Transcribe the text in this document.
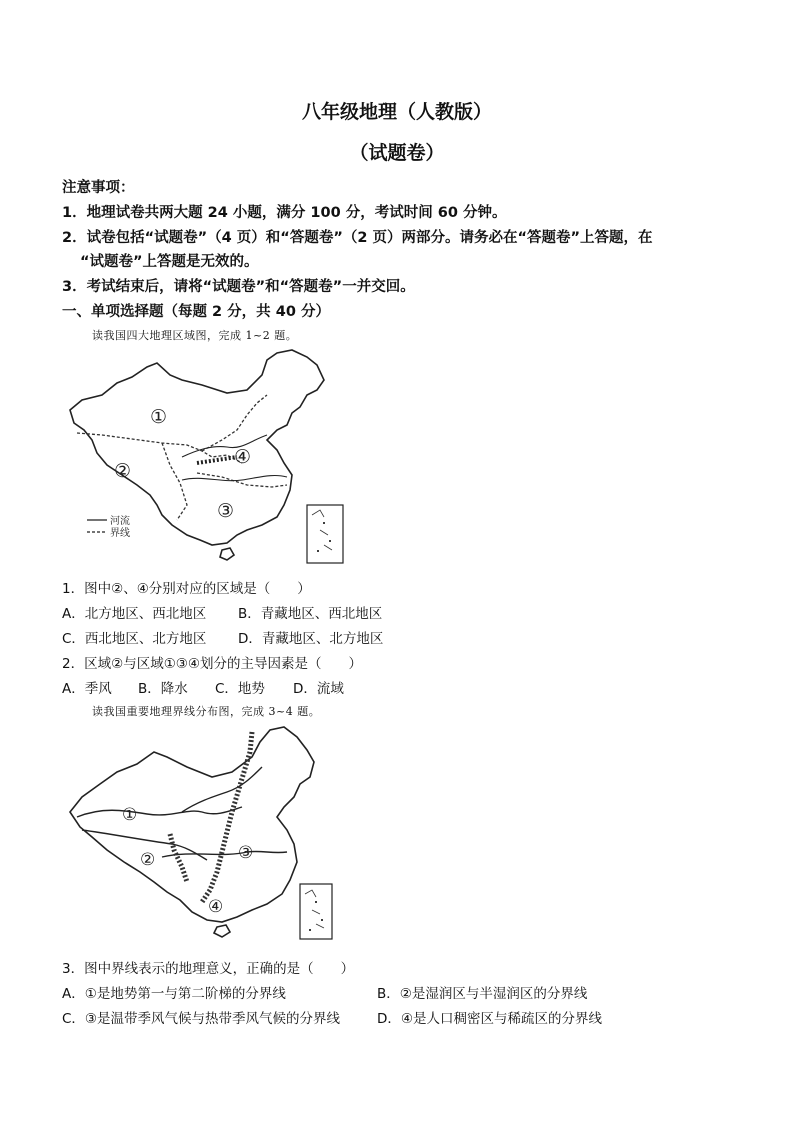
八年级地理（人教版）
（试题卷）
注意事项：
1．地理试卷共两大题 24 小题，满分 100 分，考试时间 60 分钟。
2．试卷包括“试题卷”（4 页）和“答题卷”（2 页）两部分。请务必在“答题卷”上答题，在
“试题卷”上答题是无效的。
3．考试结束后，请将“试题卷”和“答题卷”一并交回。
一、单项选择题（每题 2 分，共 40 分）
读我国四大地理区域图，完成 1~2 题。
①
②
③
④
河流
界线
1．图中②、④分别对应的区域是（　　）
A．北方地区、西北地区 B．青藏地区、西北地区
C．西北地区、北方地区 D．青藏地区、北方地区
2．区域②与区域①③④划分的主导因素是（　　）
A．季风 B．降水 C．地势 D．流域
读我国重要地理界线分布图，完成 3~4 题。
①
②	③
④
3．图中界线表示的地理意义，正确的是（　　）
A．①是地势第一与第二阶梯的分界线	B．②是湿润区与半湿润区的分界线
C．③是温带季风气候与热带季风气候的分界线	D．④是人口稠密区与稀疏区的分界线
